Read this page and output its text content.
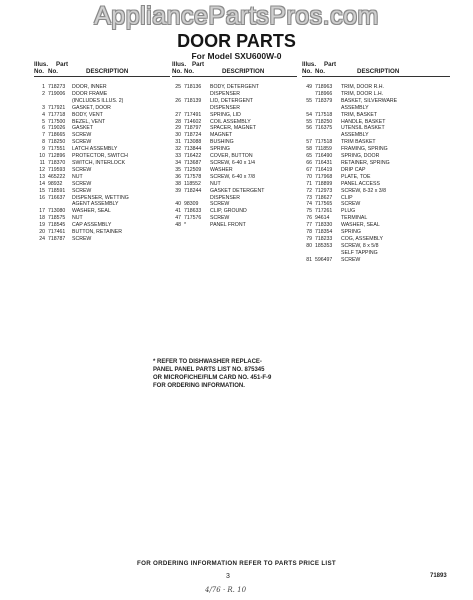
AppliancePartsPros.com
DOOR PARTS
For Model SXU600W-0
Illus.	Part
No. No.	DESCRIPTION
1 718273	DOOR, INNER
2 719006	DOOR FRAME
(INCLUDES ILLUS. 2)
3 717921	GASKET, DOOR
4 717718	BODY, VENT
5 717500	BEZEL, VENT
6 719026	GASKET
7 718665	SCREW
8 718250	SCREW
9 717551	LATCH ASSEMBLY
10 712896	PROTECTOR, SWITCH
11 718370	SWITCH, INTERLOCK
12 719593	SCREW
13 465222	NUT
14 98932	SCREW
15 718591	SCREW
16 716637	DISPENSER, WETTING
AGENT ASSEMBLY
17 713080	WASHER, SEAL
18 718575	NUT
19 718545	CAP ASSEMBLY
20 717461	BUTTON, RETAINER
24 718787	SCREW
Illus. Part
No. No.	DESCRIPTION
25 718136	BODY, DETERGENT
DISPENSER
26 718139	LID, DETERGENT
DISPENSER
27 717491	SPRING, LID
28 714602	COIL ASSEMBLY
29 718797	SPACER, MAGNET
30 718724	MAGNET
31 713088	BUSHING
32 713844	SPRING
33 716422	COVER, BUTTON
34 713687	SCREW, 6-40 x 1/4
35 712509	WASHER
36 717578	SCREW, 6-40 x 7/8
38 118552	NUT
39 718244	GASKET DETERGENT
DISPENSER
40 98309	SCREW
41 718633	CLIP, GROUND
47 717576	SCREW
48 *	PANEL FRONT
Illus.	Part
No. No.	DESCRIPTION
49 718963	TRIM, DOOR R.H.
718966	TRIM, DOOR L.H.
55 718379	BASKET, SILVERWARE
ASSEMBLY
54 717518	TRIM, BASKET
55 718250	HANDLE, BASKET
56 716375	UTENSIL BASKET
ASSEMBLY
57 717518	TRIM BASKET
58 711859	FRAMING, SPRING
65 716490	SPRING, DOOR
66 716431	RETAINER, SPRING
67 716419	DRIP CAP
70 717968	PLATE, TOE
71 718899	PANEL ACCESS
72 712973	SCREW, 8-32 x 3/8
73 718627	CLIP
74 717565	SCREW
75 717261	PLUG
76 94614	TERMINAL
77 718330	WASHER, SEAL
78 718354	SPRING
79 718233	COG, ASSEMBLY
80 185353	SCREW, 8 x 5/8
SELF TAPPING
81 596497	SCREW
* REFER TO DISHWASHER REPLACE-
PANEL PANEL PARTS LIST NO. 875345
OR MICROFICHE/FILM CARD NO. 451-F-9
FOR ORDERING INFORMATION.
FOR ORDERING INFORMATION REFER TO PARTS PRICE LIST
3	71893
4/76 · R. 10
